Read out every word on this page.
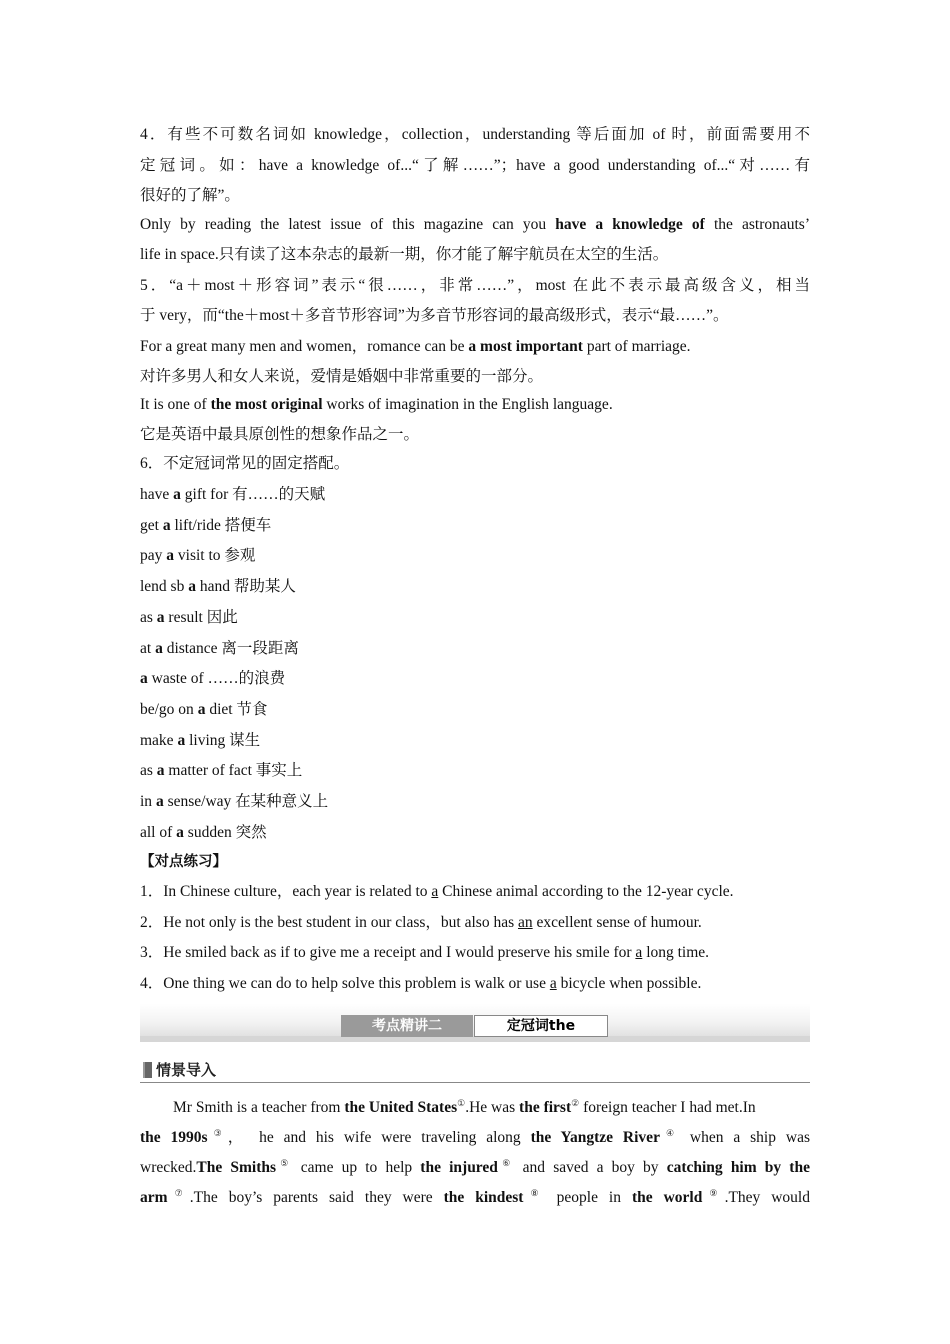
4．有些不可数名词如 knowledge，collection，understanding 等后面加 of 时，前面需要用不
定冠词。如：have a knowledge of...“了解……”；have a good understanding of...“对……有
很好的了解”。
Only by reading the latest issue of this magazine can you have a knowledge of the astronauts’
life in space.只有读了这本杂志的最新一期，你才能了解宇航员在太空的生活。
5．“a＋most＋形容词”表示“很……，非常……”，most 在此不表示最高级含义，相当
于 very，而“the＋most＋多音节形容词”为多音节形容词的最高级形式，表示“最……”。
For a great many men and women，romance can be a most important part of marriage.
对许多男人和女人来说，爱情是婚姻中非常重要的一部分。
It is one of the most original works of imagination in the English language.
它是英语中最具原创性的想象作品之一。
6．不定冠词常见的固定搭配。
have a gift for 有……的天赋
get a lift/ride 搭便车
pay a visit to 参观
lend sb a hand 帮助某人
as a result 因此
at a distance 离一段距离
a waste of ……的浪费
be/go on a diet 节食
make a living 谋生
as a matter of fact 事实上
in a sense/way 在某种意义上
all of a sudden 突然
【对点练习】
1．In Chinese culture，each year is related to a Chinese animal according to the 12-year cycle.
2．He not only is the best student in our class，but also has an excellent sense of humour.
3．He smiled back as if to give me a receipt and I would preserve his smile for a long time.
4．One thing we can do to help solve this problem is walk or use a bicycle when possible.
考点精讲二	定冠词the
情景导入
Mr Smith is a teacher from the United States①.He was the first② foreign teacher I had met.In
the 1990s③， he and his wife were traveling along the Yangtze River④ when a ship was
wrecked.The Smiths⑤ came up to help the injured⑥ and saved a boy by catching him by the
arm⑦.The boy’s parents said they were the kindest⑧ people in the world⑨.They would
